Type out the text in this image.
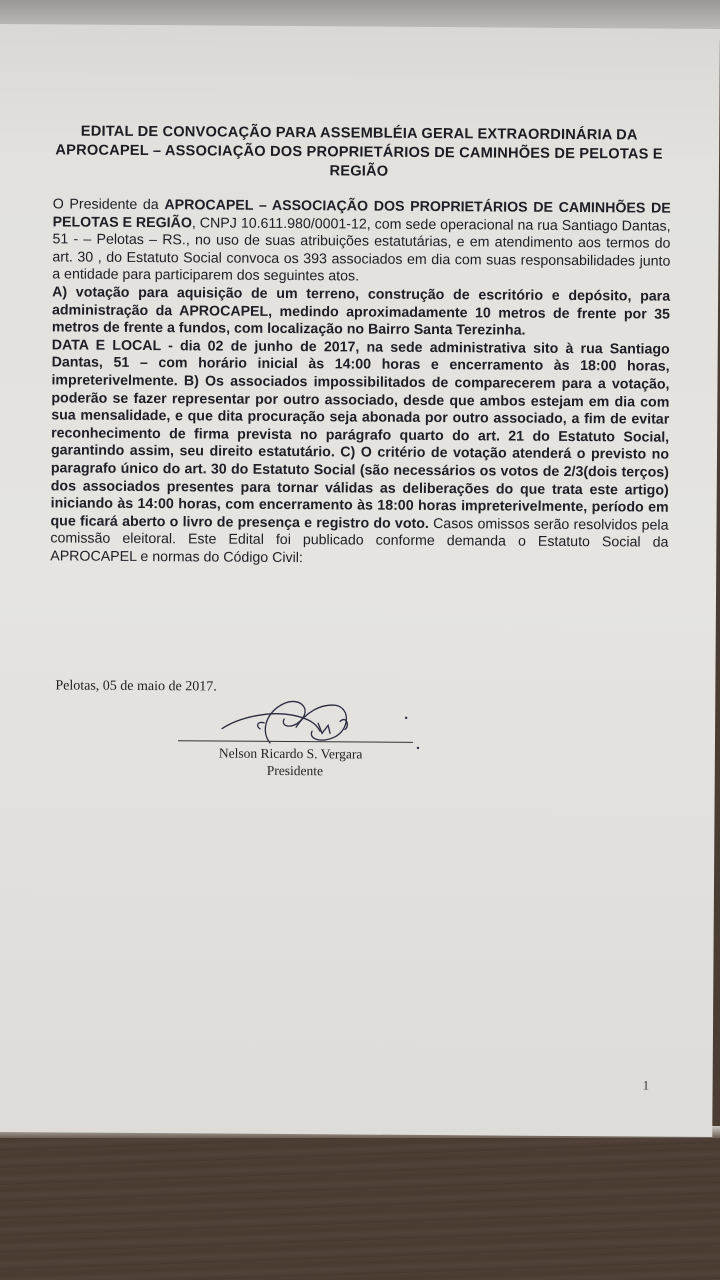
EDITAL DE CONVOCAÇÃO PARA ASSEMBLÉIA GERAL EXTRAORDINÁRIA DA APROCAPEL – ASSOCIAÇÃO DOS PROPRIETÁRIOS DE CAMINHÕES DE PELOTAS E REGIÃO

O Presidente da APROCAPEL – ASSOCIAÇÃO DOS PROPRIETÁRIOS DE CAMINHÕES DE PELOTAS E REGIÃO, CNPJ 10.611.980/0001-12, com sede operacional na rua Santiago Dantas, 51 - – Pelotas – RS., no uso de suas atribuições estatutárias, e em atendimento aos termos do art. 30 , do Estatuto Social convoca os 393 associados em dia com suas responsabilidades junto a entidade para participarem dos seguintes atos.

A) votação para aquisição de um terreno, construção de escritório e depósito, para administração da APROCAPEL, medindo aproximadamente 10 metros de frente por 35 metros de frente a fundos, com localização no Bairro Santa Terezinha.

DATA E LOCAL - dia 02 de junho de 2017, na sede administrativa sito à rua Santiago Dantas, 51 – com horário inicial às 14:00 horas e encerramento às 18:00 horas, impreterivelmente. B) Os associados impossibilitados de comparecerem para a votação, poderão se fazer representar por outro associado, desde que ambos estejam em dia com sua mensalidade, e que dita procuração seja abonada por outro associado, a fim de evitar reconhecimento de firma prevista no parágrafo quarto do art. 21 do Estatuto Social, garantindo assim, seu direito estatutário. C) O critério de votação atenderá o previsto no paragrafo único do art. 30 do Estatuto Social (são necessários os votos de 2/3(dois terços) dos associados presentes para tornar válidas as deliberações do que trata este artigo) iniciando às 14:00 horas, com encerramento às 18:00 horas impreterivelmente, período em que ficará aberto o livro de presença e registro do voto. Casos omissos serão resolvidos pela comissão eleitoral. Este Edital foi publicado conforme demanda o Estatuto Social da APROCAPEL e normas do Código Civil:

Pelotas, 05 de maio de 2017.
Nelson Ricardo S. Vergara
Presidente
1
